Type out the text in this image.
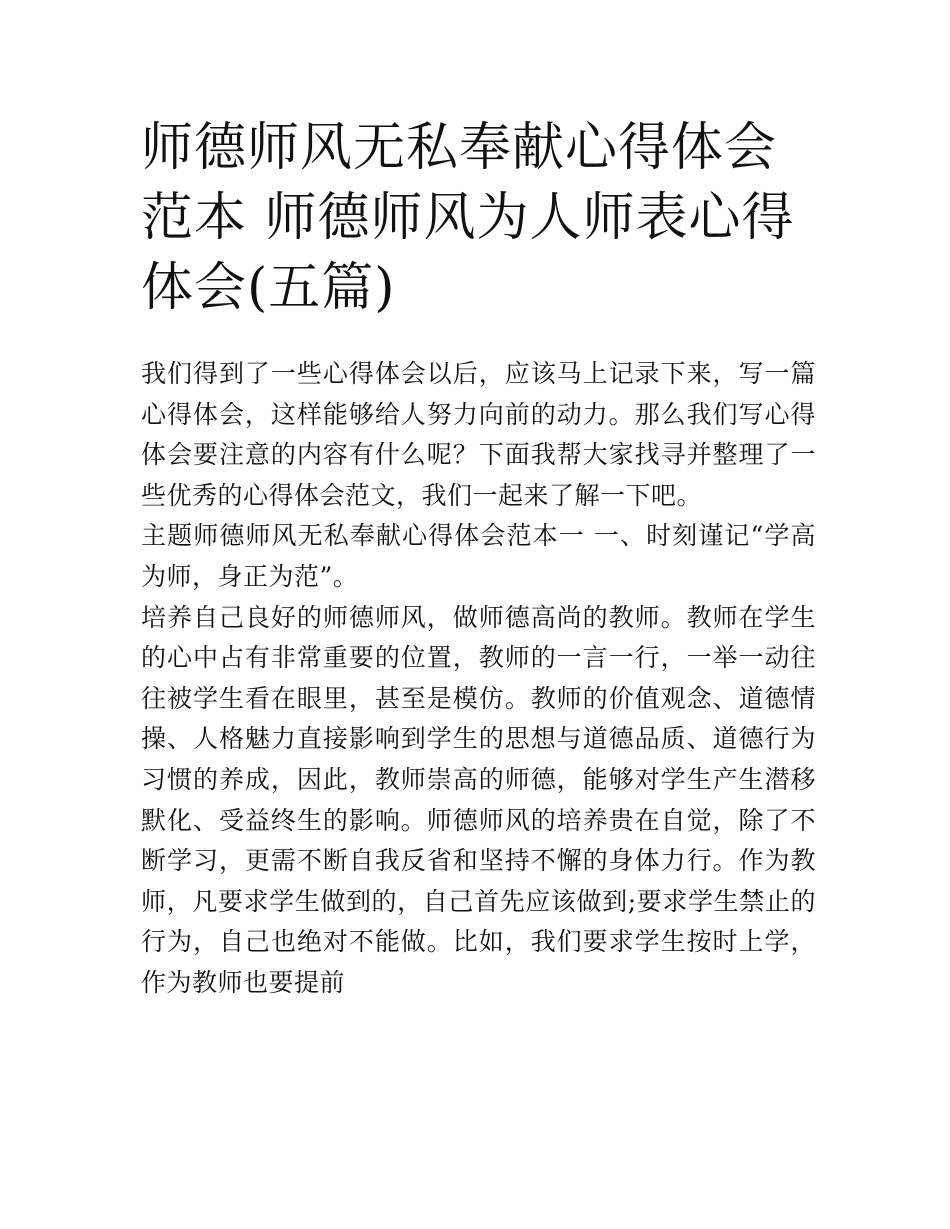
师德师风无私奉献心得体会范本 师德师风为人师表心得体会(五篇)

我们得到了一些心得体会以后，应该马上记录下来，写一篇心得体会，这样能够给人努力向前的动力。那么我们写心得体会要注意的内容有什么呢？下面我帮大家找寻并整理了一些优秀的心得体会范文，我们一起来了解一下吧。

主题师德师风无私奉献心得体会范本一 一、时刻谨记“学高为师，身正为范”。

培养自己良好的师德师风，做师德高尚的教师。教师在学生的心中占有非常重要的位置，教师的一言一行，一举一动往往被学生看在眼里，甚至是模仿。教师的价值观念、道德情操、人格魅力直接影响到学生的思想与道德品质、道德行为习惯的养成，因此，教师崇高的师德，能够对学生产生潜移默化、受益终生的影响。师德师风的培养贵在自觉，除了不断学习，更需不断自我反省和坚持不懈的身体力行。作为教师，凡要求学生做到的，自己首先应该做到;要求学生禁止的行为，自己也绝对不能做。比如，我们要求学生按时上学，作为教师也要提前
